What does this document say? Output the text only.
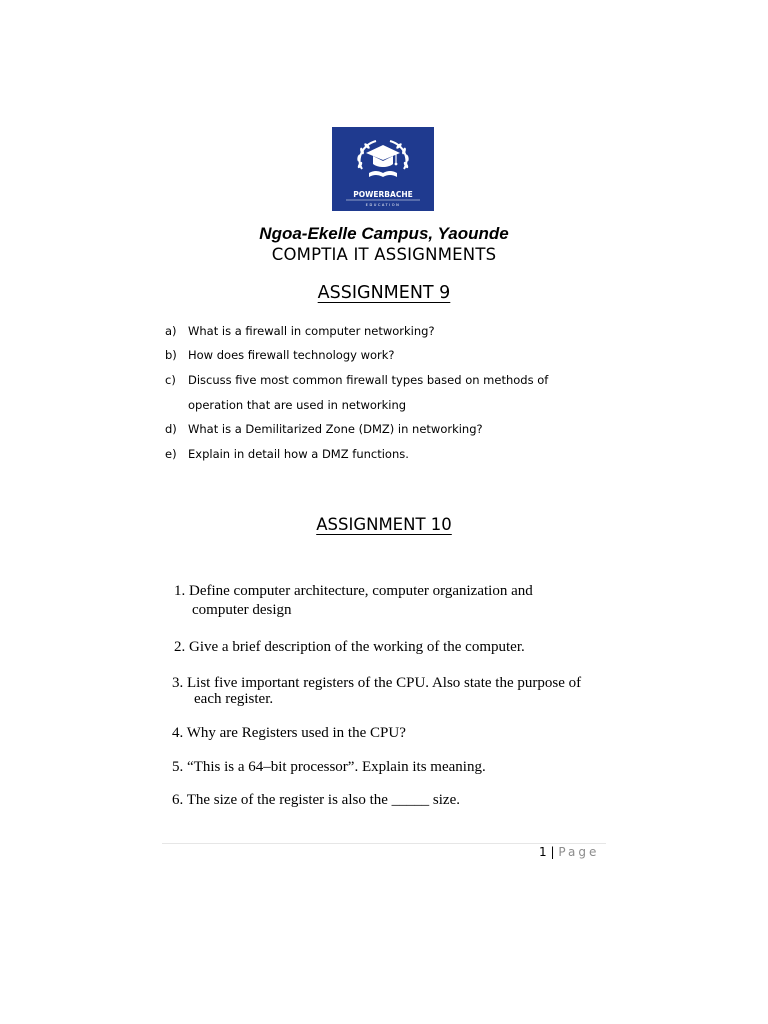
POWERBACHE
EDUCATION
Ngoa-Ekelle Campus, Yaounde
COMPTIA IT ASSIGNMENTS
ASSIGNMENT 9
a) What is a firewall in computer networking?
b) How does firewall technology work?
c) Discuss five most common firewall types based on methods of
operation that are used in networking
d) What is a Demilitarized Zone (DMZ) in networking?
e) Explain in detail how a DMZ functions.
ASSIGNMENT 10
1. Define computer architecture, computer organization and
computer design
2. Give a brief description of the working of the computer.
3. List five important registers of the CPU. Also state the purpose of
each register.
4. Why are Registers used in the CPU?
5. “This is a 64–bit processor”. Explain its meaning.
6. The size of the register is also the _____ size.
1 | Page
